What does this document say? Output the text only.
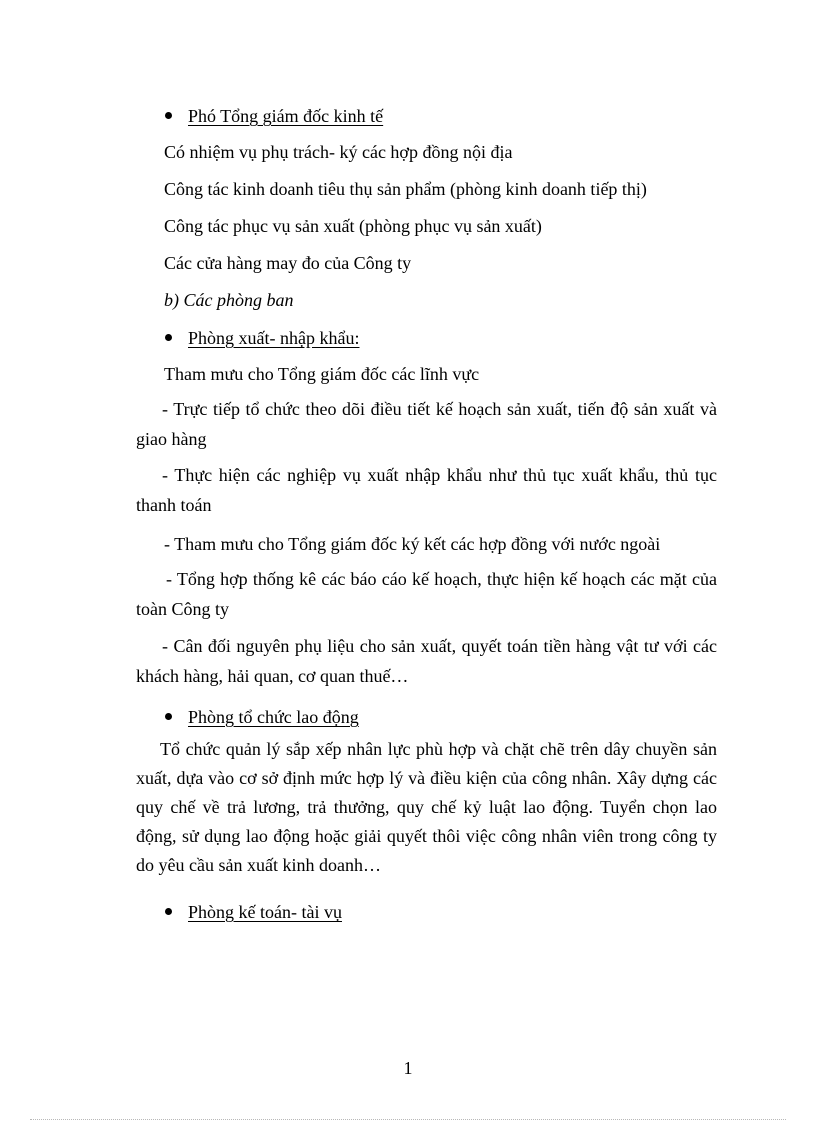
Phó Tổng giám đốc kinh tế

Có nhiệm vụ phụ trách- ký các hợp đồng nội địa

Công tác kinh doanh tiêu thụ sản phẩm (phòng kinh doanh tiếp thị)

Công tác phục vụ sản xuất (phòng phục vụ sản xuất)

Các cửa hàng may đo của Công ty

b) Các phòng ban

Phòng xuất- nhập khẩu:

Tham mưu cho Tổng giám đốc các lĩnh vực

- Trực tiếp tổ chức theo dõi điều tiết kế hoạch sản xuất, tiến độ sản xuất và giao hàng

- Thực hiện các nghiệp vụ xuất nhập khẩu như thủ tục xuất khẩu, thủ tục thanh toán

- Tham mưu cho Tổng giám đốc ký kết các hợp đồng với nước ngoài

- Tổng hợp thống kê các báo cáo kế hoạch, thực hiện kế hoạch các mặt của toàn Công ty

- Cân đối nguyên phụ liệu cho sản xuất, quyết toán tiền hàng vật tư với các khách hàng, hải quan, cơ quan thuế…

Phòng tổ chức lao động

Tổ chức quản lý sắp xếp nhân lực phù hợp và chặt chẽ trên dây chuyền sản xuất, dựa vào cơ sở định mức hợp lý và điều kiện của công nhân. Xây dựng các quy chế về trả lương, trả thưởng, quy chế kỷ luật lao động. Tuyển chọn lao động, sử dụng lao động hoặc giải quyết thôi việc công nhân viên trong công ty do yêu cầu sản xuất kinh doanh…

Phòng kế toán- tài vụ
1
